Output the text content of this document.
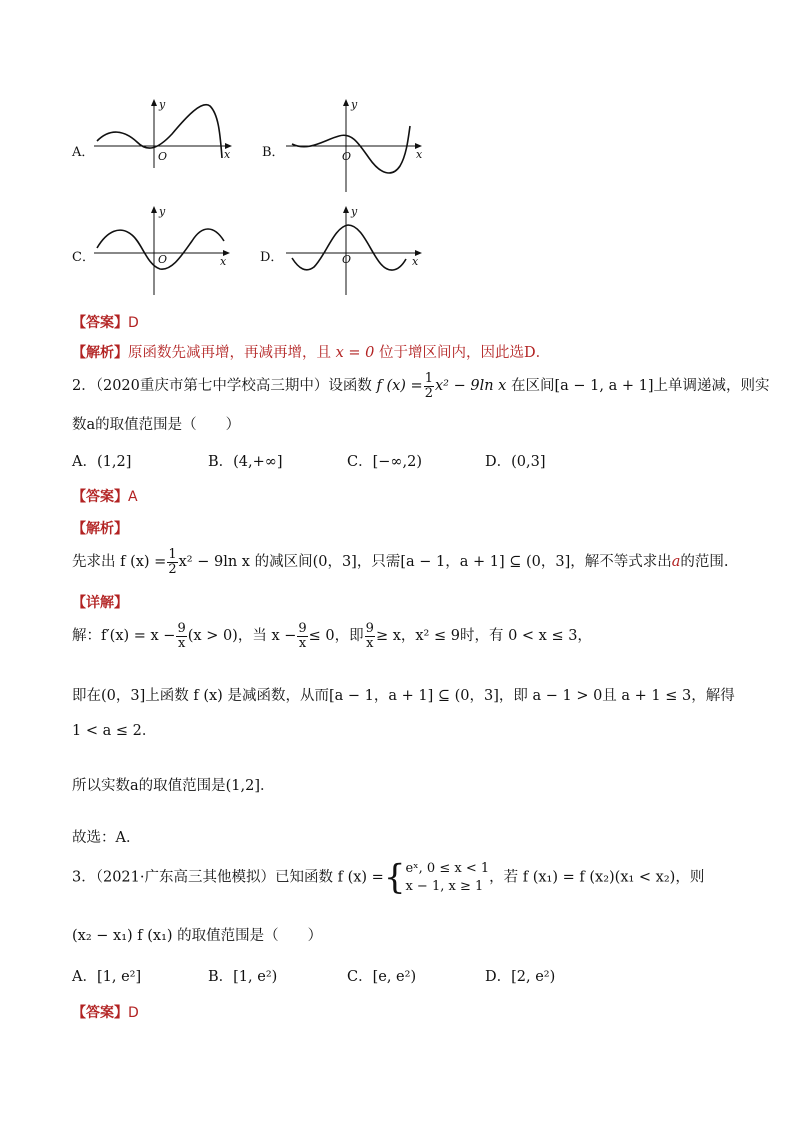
A．
y
x
O	B．
y
x
O
C．
y
x
O	D．
y
x
O
【答案】D
【解析】原函数先减再增，再减再增，且 x = 0 位于增区间内，因此选D．
2．（2020重庆市第七中学校高三期中）设函数 f $(x) = \frac{1}{2} x^2 - 9\ln$ x 在区间[a − 1, a + 1]上单调递减，则实
数a的取值范围是（　　）
A．(1,2]	B．(4,+∞]	C．[−∞,2)	D．(0,3]
【答案】A
【解析】
先求出 f $(x) = \frac{1}{2} x^2 - 9\ln$ x 的减区间(0，3]，只需[a − 1，a + 1] ⊆ (0，3]，解不等式求出a的范围.
【详解】
解：$f'(x) = x - \frac{9}{x} (x > 0)$，当 $x - \frac{9}{x} \le 0$，即 $\frac{9}{x} \ge x$，x² ≤ 9时，有 0 < x ≤ 3，
即在(0，3]上函数 f (x) 是减函数，从而[a − 1，a + 1] ⊆ (0，3]，即 a − 1 > 0且 a + 1 ≤ 3，解得
1 < a ≤ 2．
所以实数a的取值范围是(1,2]．
故选：A．
3．（2021·广东高三其他模拟）已知函数 f (x) ={ eˣ, 0 ≤ x < 1
x − 1, x ≥ 1
，若 f (x₁) = f (x₂)(x₁ < x₂)，则
(x₂ − x₁) f (x₁) 的取值范围是（　　）
A．[1, e²]	B．[1, e²)	C．[e, e²)	D．[2, e²)
【答案】D
